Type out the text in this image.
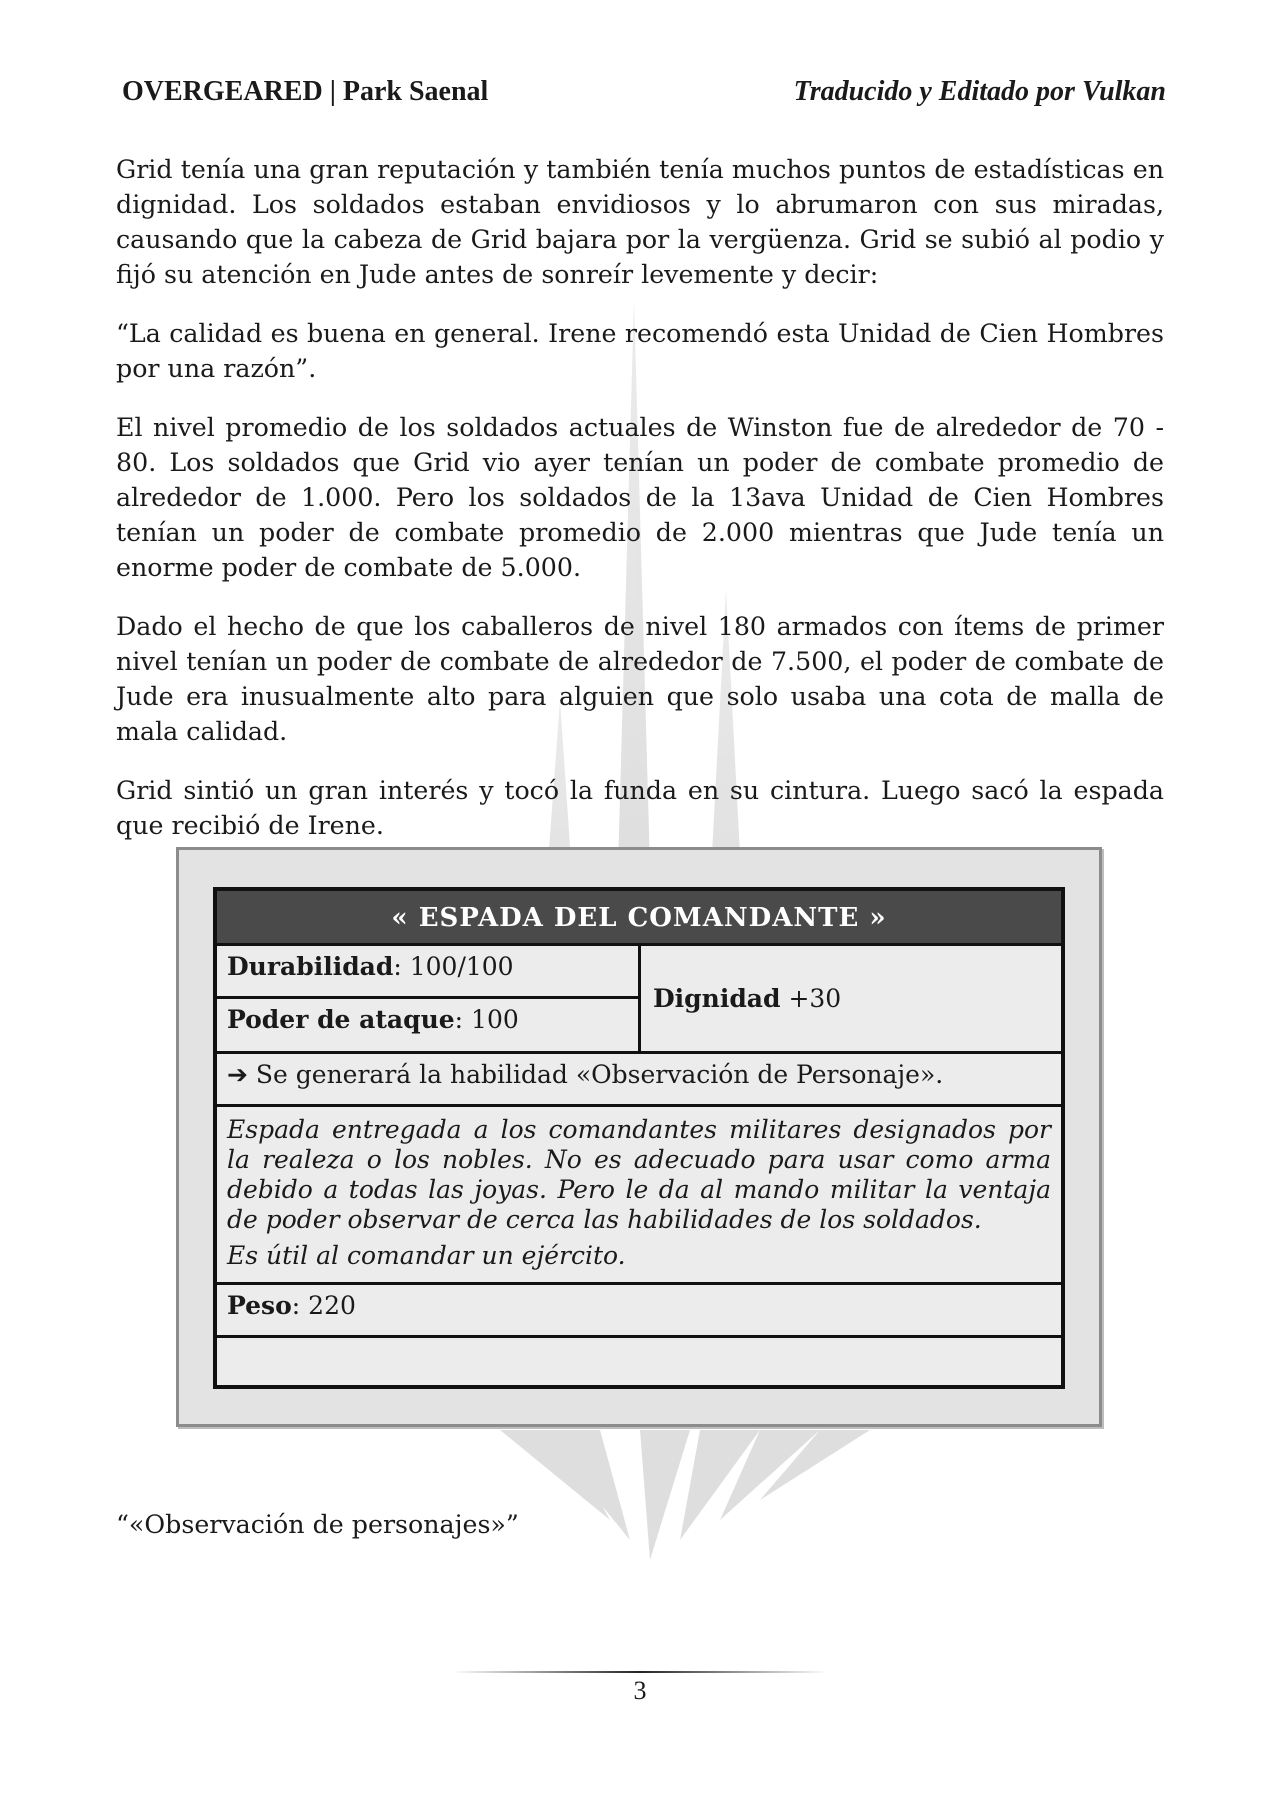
OVERGEARED | Park Saenal	Traducido y Editado por Vulkan

Grid tenía una gran reputación y también tenía muchos puntos de estadísticas en dignidad. Los soldados estaban envidiosos y lo abrumaron con sus miradas, causando que la cabeza de Grid bajara por la vergüenza. Grid se subió al podio y fijó su atención en Jude antes de sonreír levemente y decir:

“La calidad es buena en general. Irene recomendó esta Unidad de Cien Hombres por una razón”.

El nivel promedio de los soldados actuales de Winston fue de alrededor de 70 - 80. Los soldados que Grid vio ayer tenían un poder de combate promedio de alrededor de 1.000. Pero los soldados de la 13ava Unidad de Cien Hombres tenían un poder de combate promedio de 2.000 mientras que Jude tenía un enorme poder de combate de 5.000.

Dado el hecho de que los caballeros de nivel 180 armados con ítems de primer nivel tenían un poder de combate de alrededor de 7.500, el poder de combate de Jude era inusualmente alto para alguien que solo usaba una cota de malla de mala calidad.

Grid sintió un gran interés y tocó la funda en su cintura. Luego sacó la espada que recibió de Irene.

« ESPADA DEL COMANDANTE »
Durabilidad: 100/100
Poder de ataque: 100
Dignidad +30
➔ Se generará la habilidad «Observación de Personaje».

Espada entregada a los comandantes militares designados por la realeza o los nobles. No es adecuado para usar como arma debido a todas las joyas. Pero le da al mando militar la ventaja de poder observar de cerca las habilidades de los soldados.

Es útil al comandar un ejército.

Peso: 220
“«Observación de personajes»”
3
